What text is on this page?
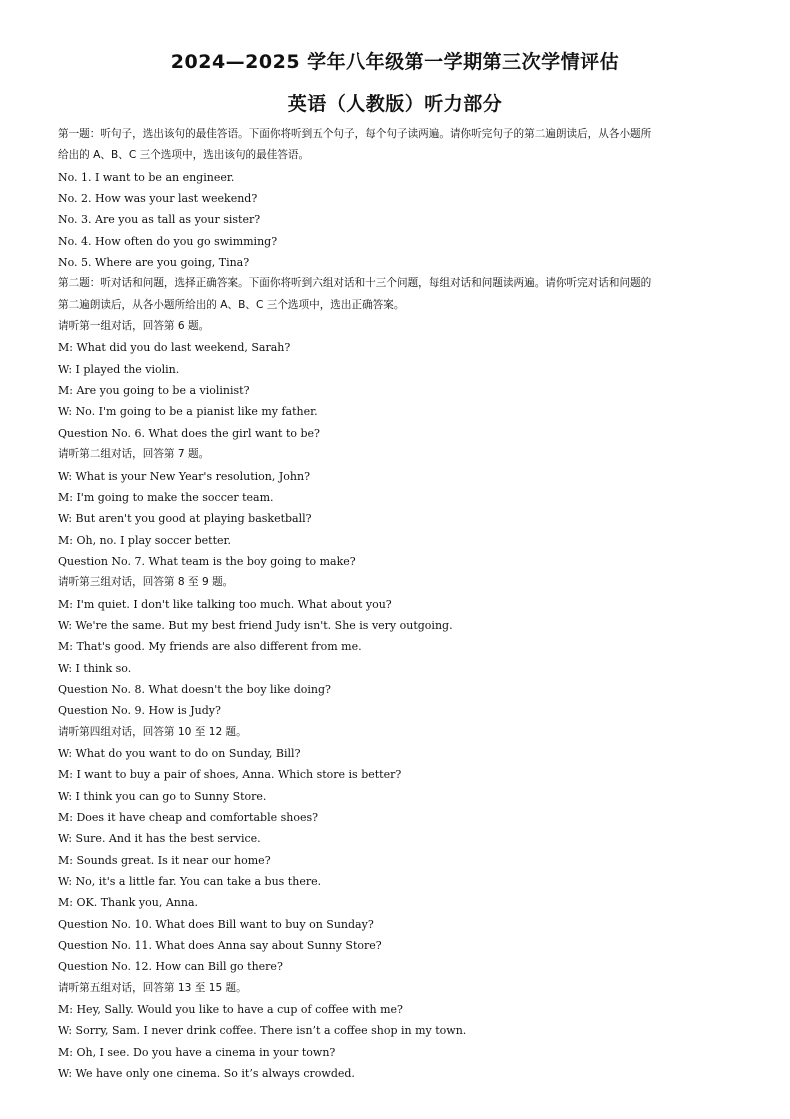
2024—2025 学年八年级第一学期第三次学情评估
英语（人教版）听力部分
第一题：听句子，选出该句的最佳答语。下面你将听到五个句子，每个句子读两遍。请你听完句子的第二遍朗读后，从各小题所
给出的 A、B、C 三个选项中，选出该句的最佳答语。
No. 1. I want to be an engineer.
No. 2. How was your last weekend?
No. 3. Are you as tall as your sister?
No. 4. How often do you go swimming?
No. 5. Where are you going, Tina?
第二题：听对话和问题，选择正确答案。下面你将听到六组对话和十三个问题，每组对话和问题读两遍。请你听完对话和问题的
第二遍朗读后，从各小题所给出的 A、B、C 三个选项中，选出正确答案。
请听第一组对话，回答第 6 题。
M: What did you do last weekend, Sarah?
W: I played the violin.
M: Are you going to be a violinist?
W: No. I'm going to be a pianist like my father.
Question No. 6. What does the girl want to be?
请听第二组对话，回答第 7 题。
W: What is your New Year's resolution, John?
M: I'm going to make the soccer team.
W: But aren't you good at playing basketball?
M: Oh, no. I play soccer better.
Question No. 7. What team is the boy going to make?
请听第三组对话，回答第 8 至 9 题。
M: I'm quiet. I don't like talking too much. What about you?
W: We're the same. But my best friend Judy isn't. She is very outgoing.
M: That's good. My friends are also different from me.
W: I think so.
Question No. 8. What doesn't the boy like doing?
Question No. 9. How is Judy?
请听第四组对话，回答第 10 至 12 题。
W: What do you want to do on Sunday, Bill?
M: I want to buy a pair of shoes, Anna. Which store is better?
W: I think you can go to Sunny Store.
M: Does it have cheap and comfortable shoes?
W: Sure. And it has the best service.
M: Sounds great. Is it near our home?
W: No, it's a little far. You can take a bus there.
M: OK. Thank you, Anna.
Question No. 10. What does Bill want to buy on Sunday?
Question No. 11. What does Anna say about Sunny Store?
Question No. 12. How can Bill go there?
请听第五组对话，回答第 13 至 15 题。
M: Hey, Sally. Would you like to have a cup of coffee with me?
W: Sorry, Sam. I never drink coffee. There isn’t a coffee shop in my town.
M: Oh, I see. Do you have a cinema in your town?
W: We have only one cinema. So it’s always crowded.
